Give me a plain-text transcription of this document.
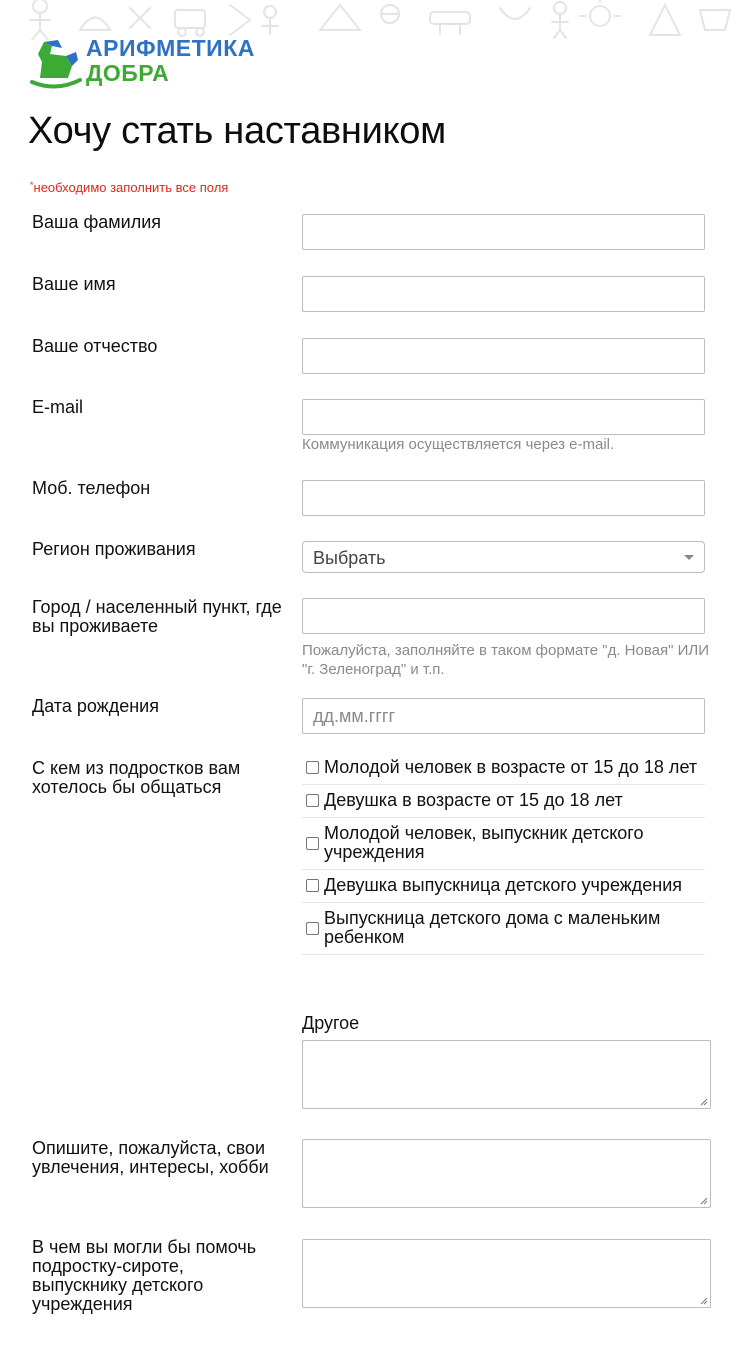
АРИФМЕТИКА
ДОБРА
Хочу стать наставником
*необходимо заполнить все поля
Ваша фамилия
Ваше имя
Ваше отчество
E-mail
Коммуникация осуществляется через e-mail.
Моб. телефон
Регион проживания	Выбрать
Город / населенный пункт, где вы проживаете
Пожалуйста, заполняйте в таком формате "д. Новая" ИЛИ "г. Зеленоград" и т.п.
Дата рождения
дд.мм.гггг
С кем из подростков вам хотелось бы общаться
Молодой человек в возрасте от 15 до 18 лет
Девушка в возрасте от 15 до 18 лет
Молодой человек, выпускник детского учреждения
Девушка выпускница детского учреждения
Выпускница детского дома с маленьким ребенком
Другое
Опишите, пожалуйста, свои увлечения, интересы, хобби
В чем вы могли бы помочь подростку-сироте, выпускнику детского учреждения
